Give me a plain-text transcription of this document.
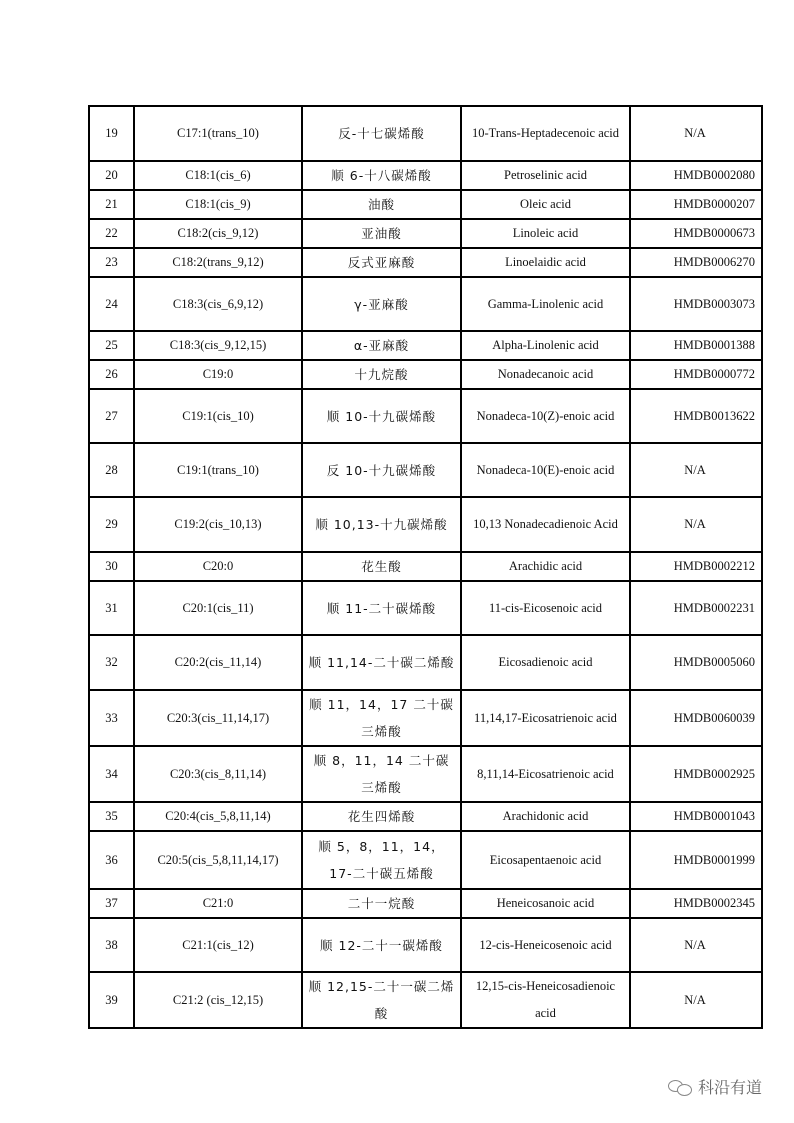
19	C17:1(trans_10)	反-十七碳烯酸	10-Trans-Heptadecenoic acid	N/A
20	C18:1(cis_6)	顺 6-十八碳烯酸	Petroselinic acid	HMDB0002080
21	C18:1(cis_9)	油酸	Oleic acid	HMDB0000207
22	C18:2(cis_9,12)	亚油酸	Linoleic acid	HMDB0000673
23	C18:2(trans_9,12)	反式亚麻酸	Linoelaidic acid	HMDB0006270
24	C18:3(cis_6,9,12)	γ-亚麻酸	Gamma-Linolenic acid	HMDB0003073
25	C18:3(cis_9,12,15)	α-亚麻酸	Alpha-Linolenic acid	HMDB0001388
26	C19:0	十九烷酸	Nonadecanoic acid	HMDB0000772
27	C19:1(cis_10)	顺 10-十九碳烯酸	Nonadeca-10(Z)-enoic acid	HMDB0013622
28	C19:1(trans_10)	反 10-十九碳烯酸	Nonadeca-10(E)-enoic acid	N/A
29	C19:2(cis_10,13)	顺 10,13-十九碳烯酸	10,13 Nonadecadienoic Acid	N/A
30	C20:0	花生酸	Arachidic acid	HMDB0002212
31	C20:1(cis_11)	顺 11-二十碳烯酸	11-cis-Eicosenoic acid	HMDB0002231
32	C20:2(cis_11,14)	顺 11,14-二十碳二烯酸	Eicosadienoic acid	HMDB0005060
33	C20:3(cis_11,14,17)	顺 11，14，17 二十碳三烯酸	11,14,17-Eicosatrienoic acid	HMDB0060039
34	C20:3(cis_8,11,14)	顺 8，11，14 二十碳三烯酸	8,11,14-Eicosatrienoic acid	HMDB0002925
35	C20:4(cis_5,8,11,14)	花生四烯酸	Arachidonic acid	HMDB0001043
36	C20:5(cis_5,8,11,14,17)	顺 5，8，11，14，17-二十碳五烯酸	Eicosapentaenoic acid	HMDB0001999
37	C21:0	二十一烷酸	Heneicosanoic acid	HMDB0002345
38	C21:1(cis_12)	顺 12-二十一碳烯酸	12-cis-Heneicosenoic acid	N/A
39	C21:2 (cis_12,15)	顺 12,15-二十一碳二烯酸	12,15-cis-Heneicosadienoic acid	N/A
科沿有道
